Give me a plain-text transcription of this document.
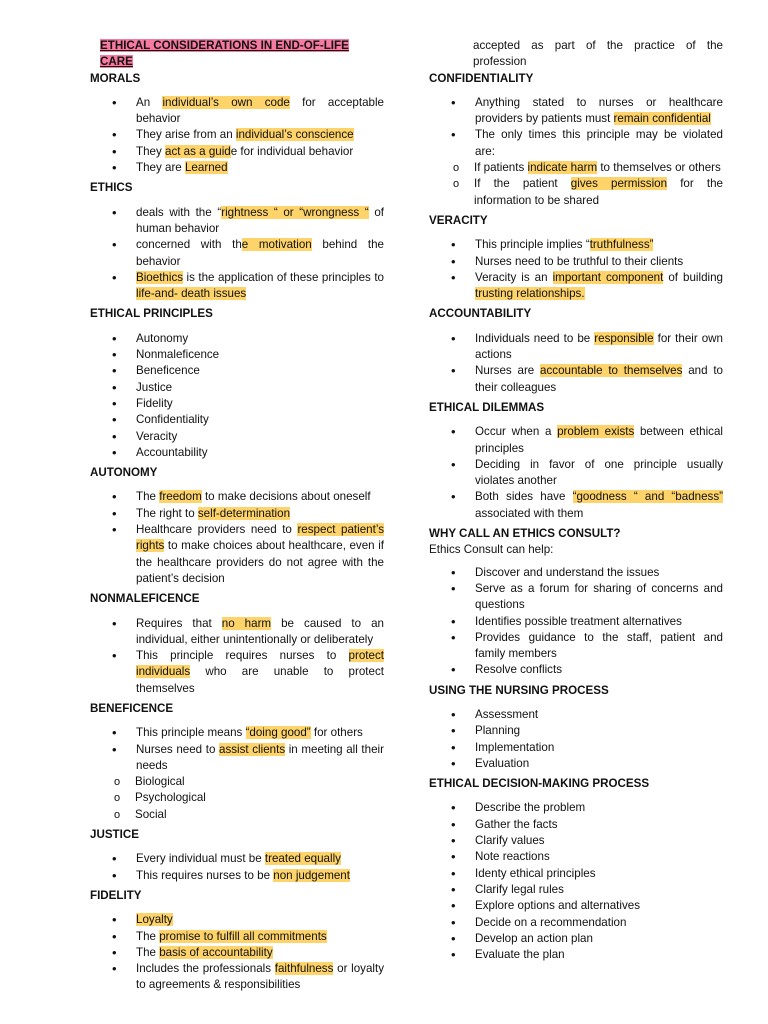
ETHICAL CONSIDERATIONS IN END-OF-LIFE CARE
MORALS
• An individual’s own code for acceptable behavior
• They arise from an individual’s conscience
• They act as a guide for individual behavior
• They are Learned
ETHICS
• deals with the “rightness “ or “wrongness “ of human behavior
• concerned with the motivation behind the behavior
• Bioethics is the application of these principles to life-and- death issues
ETHICAL PRINCIPLES
• Autonomy
• Nonmaleficence
• Beneficence
• Justice
• Fidelity
• Confidentiality
• Veracity
• Accountability
AUTONOMY
• The freedom to make decisions about oneself
• The right to self-determination
• Healthcare providers need to respect patient’s rights to make choices about healthcare, even if the healthcare providers do not agree with the patient’s decision
NONMALEFICENCE
• Requires that no harm be caused to an individual, either unintentionally or deliberately
• This principle requires nurses to protect individuals who are unable to protect themselves
BENEFICENCE
• This principle means “doing good” for others
• Nurses need to assist clients in meeting all their needs
o Biological
o Psychological
o Social
JUSTICE
• Every individual must be treated equally
• This requires nurses to be non judgement
FIDELITY
• Loyalty
• The promise to fulfill all commitments
• The basis of accountability
• Includes the professionals faithfulness or loyalty to agreements & responsibilities

accepted as part of the practice of the profession

CONFIDENTIALITY
• Anything stated to nurses or healthcare providers by patients must remain confidential
• The only times this principle may be violated are:
o If patients indicate harm to themselves or others
o If the patient gives permission for the information to be shared
VERACITY
• This principle implies “truthfulness”
• Nurses need to be truthful to their clients
• Veracity is an important component of building trusting relationships.
ACCOUNTABILITY
• Individuals need to be responsible for their own actions
• Nurses are accountable to themselves and to their colleagues
ETHICAL DILEMMAS
• Occur when a problem exists between ethical principles
• Deciding in favor of one principle usually violates another
• Both sides have “goodness “ and “badness” associated with them
WHY CALL AN ETHICS CONSULT?

Ethics Consult can help:

• Discover and understand the issues
• Serve as a forum for sharing of concerns and questions
• Identifies possible treatment alternatives
• Provides guidance to the staff, patient and family members
• Resolve conflicts
USING THE NURSING PROCESS
• Assessment
• Planning
• Implementation
• Evaluation
ETHICAL DECISION-MAKING PROCESS
• Describe the problem
• Gather the facts
• Clarify values
• Note reactions
• Identy ethical principles
• Clarify legal rules
• Explore options and alternatives
• Decide on a recommendation
• Develop an action plan
• Evaluate the plan
